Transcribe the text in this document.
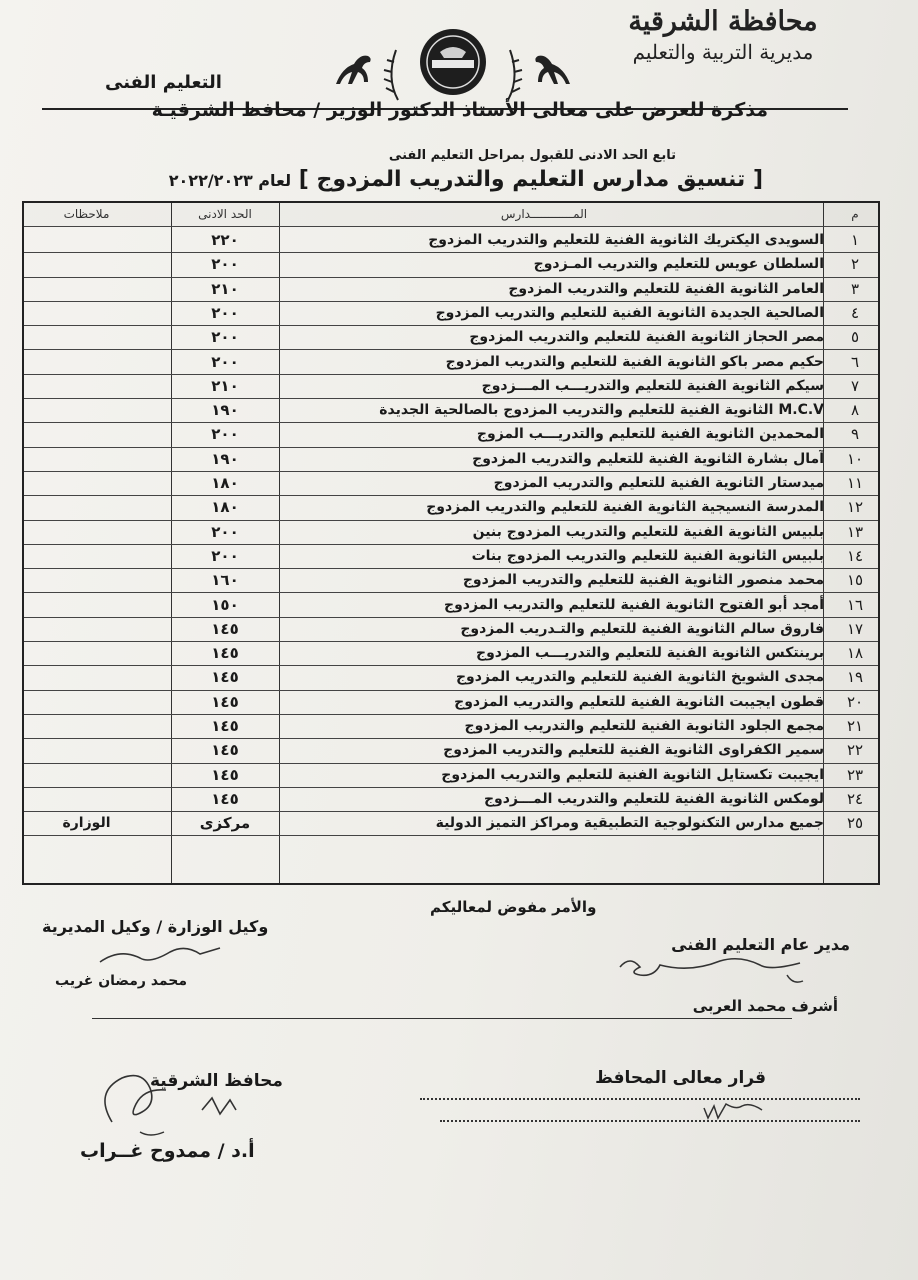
محافظة الشرقية
مديرية التربية والتعليم
التعليم الفنى
مذكرة للعرض على معالى الأستاذ الدكتور الوزير / محافظ الشرقيـة
تابع الحد الادنى للقبول بمراحل التعليم الفنى
[ تنسيق مدارس التعليم والتدريب المزدوج ] لعام ٢٠٢٢/٢٠٢٣
م
المــــــــــــدارس
الحد الادنى
ملاحظات
١
السويدى اليكتريك الثانوية الفنية للتعليم والتدريب المزدوج
٢٢٠
٢
السلطان عويس للتعليم والتدريب المـزدوج
٢٠٠
٣
العامر الثانوية الفنية للتعليم والتدريب المزدوج
٢١٠
٤
الصالحية الجديدة الثانوية الفنية للتعليم والتدريب المزدوج
٢٠٠
٥
مصر الحجاز الثانوية الفنية للتعليم والتدريب المزدوج
٢٠٠
٦
حكيم مصر باكو الثانوية الفنية للتعليم والتدريب المزدوج
٢٠٠
٧
سيكم الثانوية الفنية للتعليم والتدريـــب المـــزدوج
٢١٠
٨
M.C.V الثانوية الفنية للتعليم والتدريب المزدوج بالصالحية الجديدة
١٩٠
٩
المحمدين الثانوية الفنية للتعليم والتدريـــب المزوج
٢٠٠
١٠
آمال بشارة الثانوية الفنية للتعليم والتدريب المزدوج
١٩٠
١١
ميدستار الثانوية الفنية للتعليم والتدريب المزدوج
١٨٠
١٢
المدرسة النسيجية الثانوية الفنية للتعليم والتدريب المزدوج
١٨٠
١٣
بلبيس الثانوية الفنية للتعليم والتدريب المزدوج بنين
٢٠٠
١٤
بلبيس الثانوية الفنية للتعليم والتدريب المزدوج بنات
٢٠٠
١٥
محمد منصور الثانوية الفنية للتعليم والتدريب المزدوج
١٦٠
١٦
أمجد أبو الفتوح الثانوية الفنية للتعليم والتدريب المزدوج
١٥٠
١٧
فاروق سالم الثانوية الفنية للتعليم والتـدريب المزدوج
١٤٥
١٨
برينتكس الثانوية الفنية للتعليم والتدريـــب المزدوج
١٤٥
١٩
مجدى الشويخ الثانوية الفنية للتعليم والتدريب المزدوج
١٤٥
٢٠
قطون ايجيبت الثانوية الفنية للتعليم والتدريب المزدوج
١٤٥
٢١
مجمع الجلود الثانوية الفنية للتعليم والتدريب المزدوج
١٤٥
٢٢
سمير الكفراوى الثانوية الفنية للتعليم والتدريب المزدوج
١٤٥
٢٣
ايجيبت تكستايل الثانوية الفنية للتعليم والتدريب المزدوج
١٤٥
٢٤
لومكس الثانوية الفنية للتعليم والتدريب المـــزدوج
١٤٥
٢٥
جميع مدارس التكنولوجية التطبيقية ومراكز التميز الدولية
مركزى
الوزارة
والأمر مفوض لمعاليكم
وكيل الوزارة / وكيل المديرية
محمد رمضان غريب
مدير عام التعليم الفنى
أشرف محمد العربى
محافظ الشرقية
أ.د / ممدوح غــراب
قرار معالى المحافظ
